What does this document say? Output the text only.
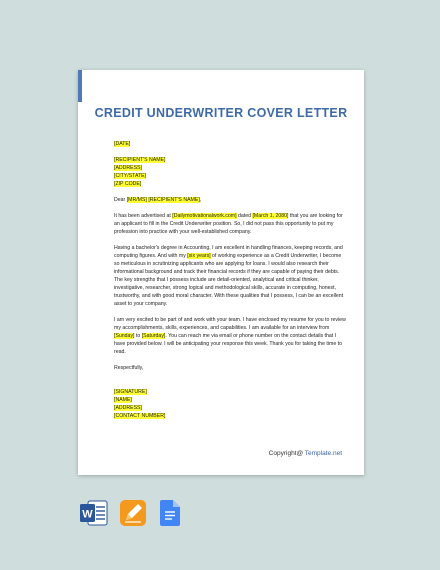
CREDIT UNDERWRITER COVER LETTER
[DATE]
[RECIPIENT'S NAME]
[ADDRESS]
[CITY/STATE]
[ZIP CODE]
Dear [MR/MS] [RECIPIENT'S NAME],
It has been advertised at [Dailymotivationalwork.com] dated [March 1, 2080] that you are looking for an applicant to fill in the Credit Underwriter position. So, I did not pass this opportunity to put my profession into practice with your well-established company.
Having a bachelor's degree in Accounting, I am excellent in handling finances, keeping records, and computing figures. And with my [six years] of working experience as a Credit Underwriter, I become so meticulous in scrutinizing applicants who are applying for loans. I would also research their informational background and track their financial records if they are capable of paying their debts. The key strengths that I possess include are detail-oriented, analytical and critical thinker, investigative, researcher, strong logical and methodological skills, accurate in computing, honest, trustworthy, and with good moral character. With these qualities that I possess, I can be an excellent asset to your company.
I am very excited to be part of and work with your team. I have enclosed my resume for you to review my accomplishments, skills, experiences, and capabilities. I am available for an interview from [Sunday] to [Saturday]. You can reach me via email or phone number on the contact details that I have provided below. I will be anticipating your response this week. Thank you for taking the time to read.
Respectfully,
[SIGNATURE]
[NAME]
[ADDRESS]
[CONTACT NUMBER]
Copyright@ Template.net
W
